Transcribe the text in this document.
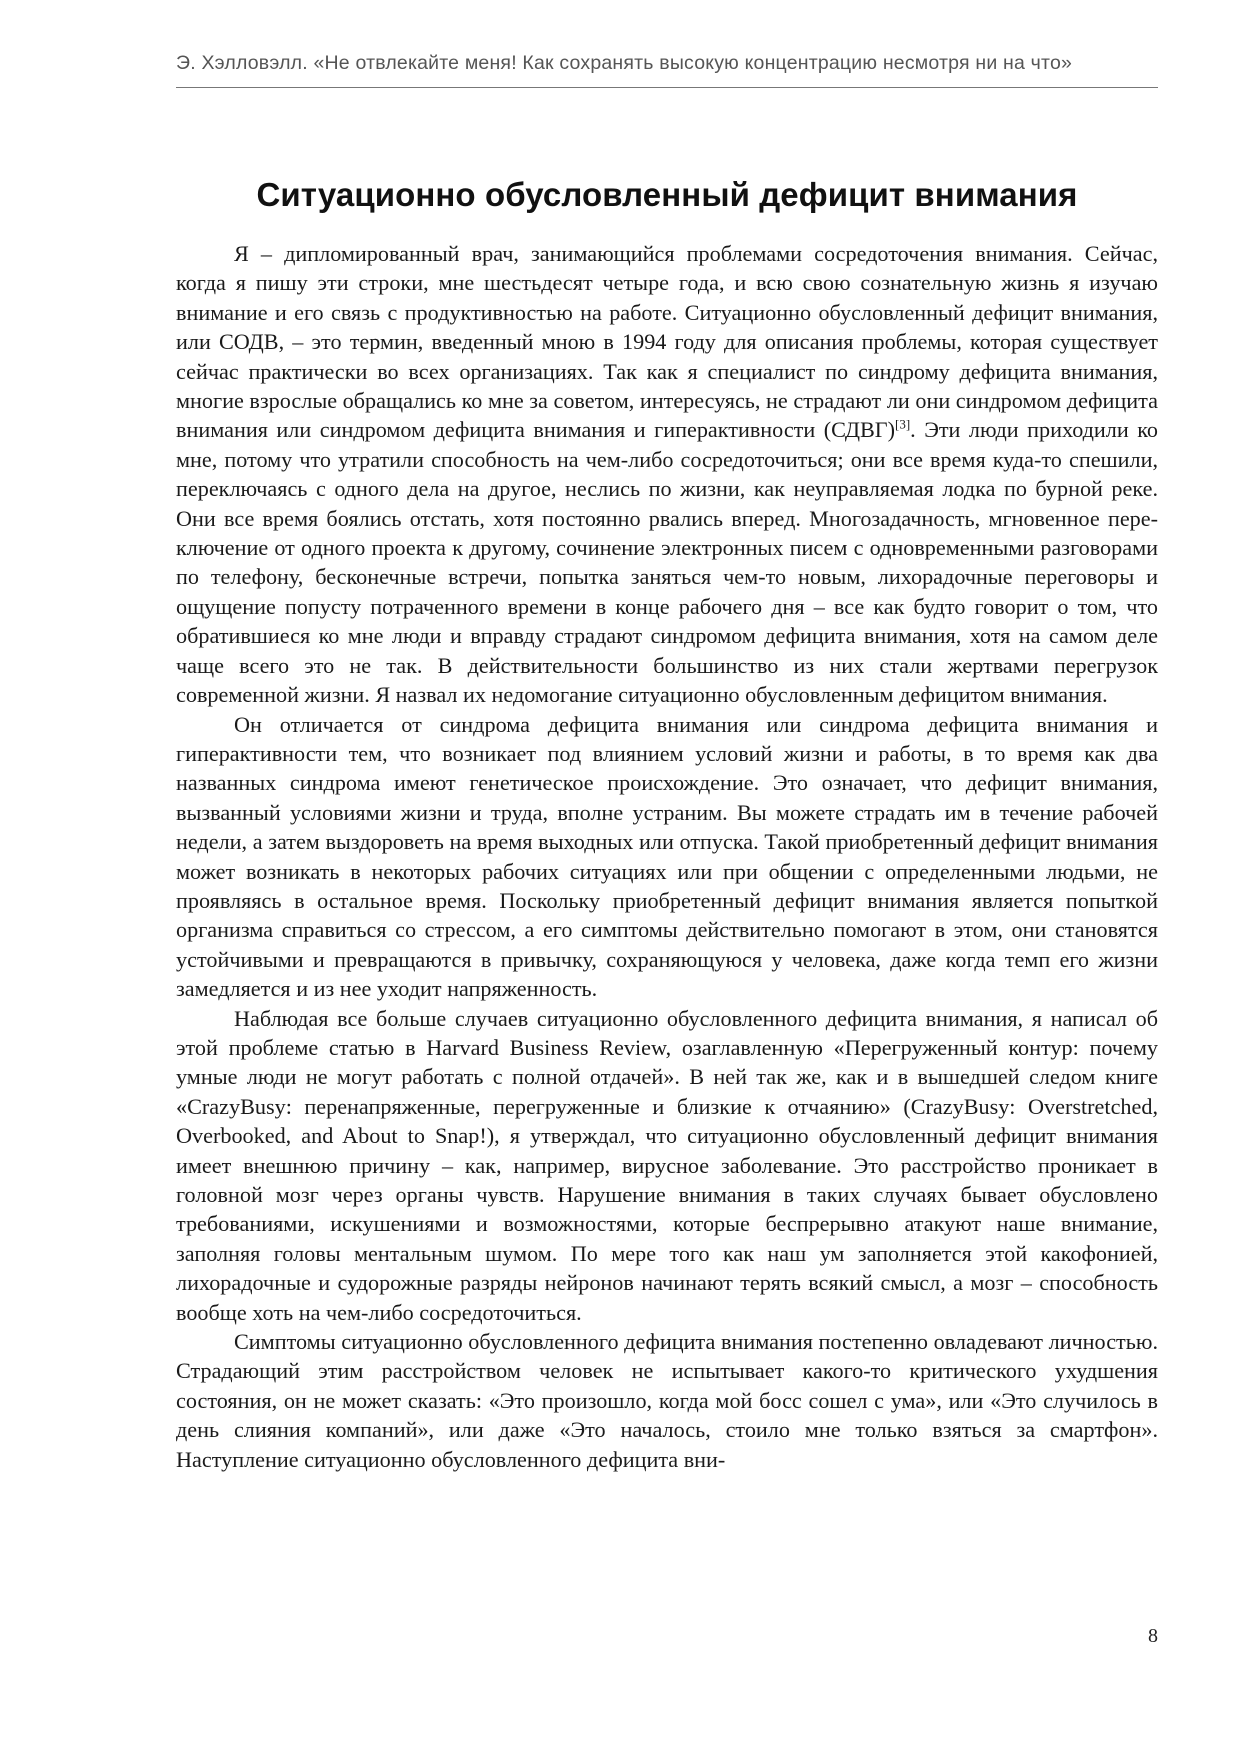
Э. Хэлловэлл. «Не отвлекайте меня! Как сохранять высокую концентрацию несмотря ни на что»
Ситуационно обусловленный дефицит внимания

Я – дипломированный врач, занимающийся проблемами сосредоточения внимания. Сейчас, когда я пишу эти строки, мне шестьдесят четыре года, и всю свою сознательную жизнь я изучаю внимание и его связь с продуктивностью на работе. Ситуационно обусловленный дефицит внимания, или СОДВ, – это термин, введенный мною в 1994 году для описания проблемы, которая существует сейчас практически во всех организациях. Так как я специалист по синдрому дефицита внимания, многие взрослые обращались ко мне за советом, интересуясь, не страдают ли они синдромом дефицита внимания или синдромом дефицита внимания и гиперактивности (СДВГ)[3]. Эти люди приходили ко мне, потому что утратили способность на чем-либо сосредоточиться; они все время куда-то спешили, переключаясь с одного дела на другое, неслись по жизни, как неуправляемая лодка по бурной реке. Они все время боялись отстать, хотя постоянно рвались вперед. Многозадачность, мгновенное переключение от одного проекта к другому, сочинение электронных писем с одновременными разговорами по телефону, бесконечные встречи, попытка заняться чем-то новым, лихорадочные переговоры и ощущение попусту потраченного времени в конце рабочего дня – все как будто говорит о том, что обратившиеся ко мне люди и вправду страдают синдромом дефицита внимания, хотя на самом деле чаще всего это не так. В действительности большинство из них стали жертвами перегрузок современной жизни. Я назвал их недомогание ситуационно обусловленным дефицитом внимания.

Он отличается от синдрома дефицита внимания или синдрома дефицита внимания и гиперактивности тем, что возникает под влиянием условий жизни и работы, в то время как два названных синдрома имеют генетическое происхождение. Это означает, что дефицит внимания, вызванный условиями жизни и труда, вполне устраним. Вы можете страдать им в течение рабочей недели, а затем выздороветь на время выходных или отпуска. Такой приобретенный дефицит внимания может возникать в некоторых рабочих ситуациях или при общении с определенными людьми, не проявляясь в остальное время. Поскольку приобретенный дефицит внимания является попыткой организма справиться со стрессом, а его симптомы действительно помогают в этом, они становятся устойчивыми и превращаются в привычку, сохраняющуюся у человека, даже когда темп его жизни замедляется и из нее уходит напряженность.

Наблюдая все больше случаев ситуационно обусловленного дефицита внимания, я написал об этой проблеме статью в Harvard Business Review, озаглавленную «Перегруженный контур: почему умные люди не могут работать с полной отдачей». В ней так же, как и в вышедшей следом книге «CrazyBusy: перенапряженные, перегруженные и близкие к отчаянию» (CrazyBusy: Overstretched, Overbooked, and About to Snap!), я утверждал, что ситуационно обусловленный дефицит внимания имеет внешнюю причину – как, например, вирусное заболевание. Это расстройство проникает в головной мозг через органы чувств. Нарушение внимания в таких случаях бывает обусловлено требованиями, искушениями и возможностями, которые беспрерывно атакуют наше внимание, заполняя головы ментальным шумом. По мере того как наш ум заполняется этой какофонией, лихорадочные и судорожные разряды нейронов начинают терять всякий смысл, а мозг – способность вообще хоть на чем-либо сосредоточиться.

Симптомы ситуационно обусловленного дефицита внимания постепенно овладевают личностью. Страдающий этим расстройством человек не испытывает какого-то критического ухудшения состояния, он не может сказать: «Это произошло, когда мой босс сошел с ума», или «Это случилось в день слияния компаний», или даже «Это началось, стоило мне только взяться за смартфон». Наступление ситуационно обусловленного дефицита вни-

8
